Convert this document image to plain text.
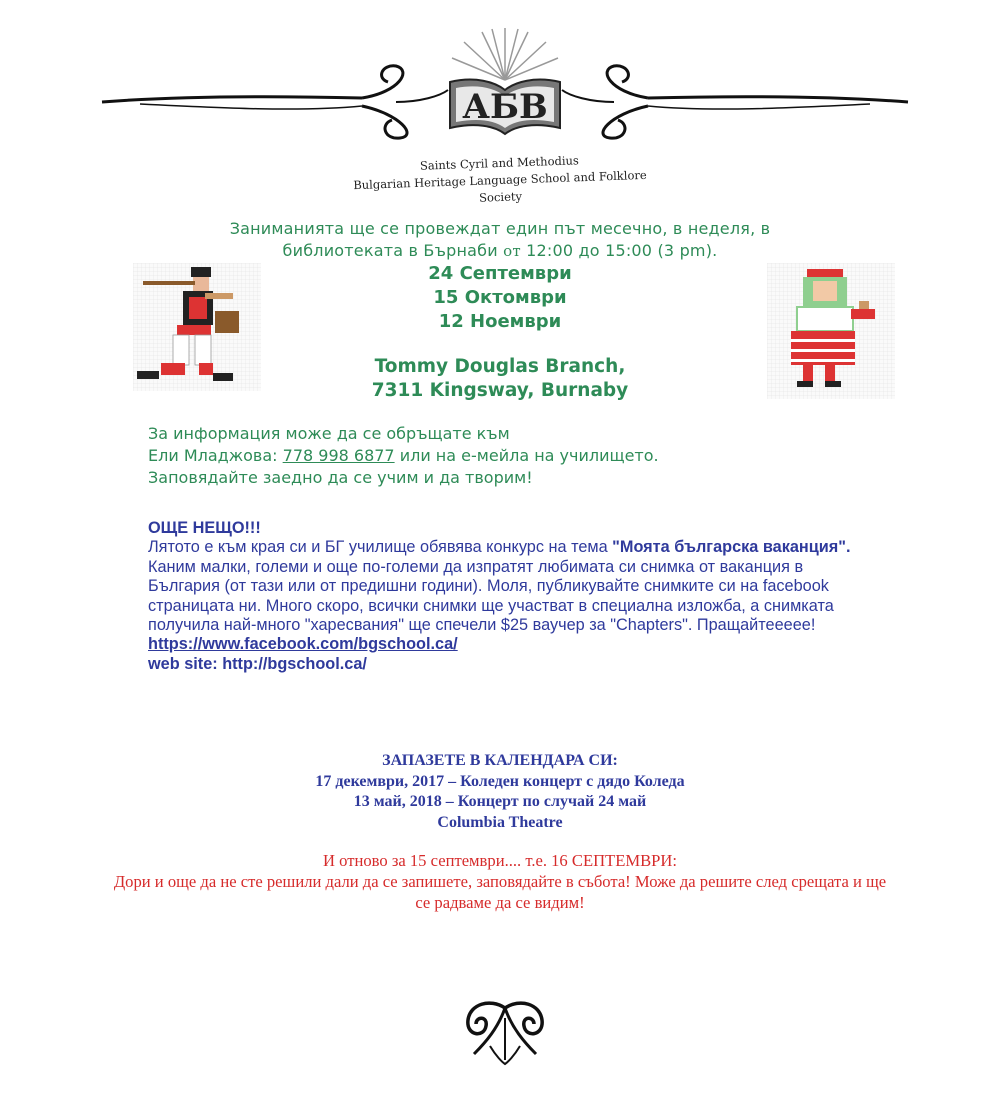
АБВ
Saints Cyril and Methodius
Bulgarian Heritage Language School and Folklore Society
Заниманията ще се провеждат един път месечно, в неделя, в
библиотеката в Бърнаби от 12:00 до 15:00 (3 pm).
24 Септември
15 Октомври
12 Ноември
Tommy Douglas Branch,
7311 Kingsway, Burnaby
За информация може да се обръщате към
Ели Младжова: 778 998 6877 или на е-мейла на училището.
Заповядайте заедно да се учим и да творим!
ОЩЕ НЕЩО!!!
Лятото е към края си и БГ училище обявява конкурс на тема "Моята българска ваканция". Каним малки, големи и още по-големи да изпратят любимата си снимка от ваканция в България (от тази или от предишни години). Моля, публикувайте снимките си на facebook страницата ни. Много скоро, всички снимки ще участват в специална изложба, а снимката получила най-много "харесвания" ще спечели $25 ваучер за "Chapters". Пращайтеееее!
https://www.facebook.com/bgschool.ca/
web site: http://bgschool.ca/
ЗАПАЗЕТЕ В КАЛЕНДАРА СИ:
17 декември, 2017 – Коледен концерт с дядо Коледа
13 май, 2018 – Концерт по случай 24 май
Columbia Theatre
И отново за 15 септември.... т.е. 16 СЕПТЕМВРИ:
Дори и още да не сте решили дали да се запишете, заповядайте в събота! Може да решите след срещата и ще се радваме да се видим!
